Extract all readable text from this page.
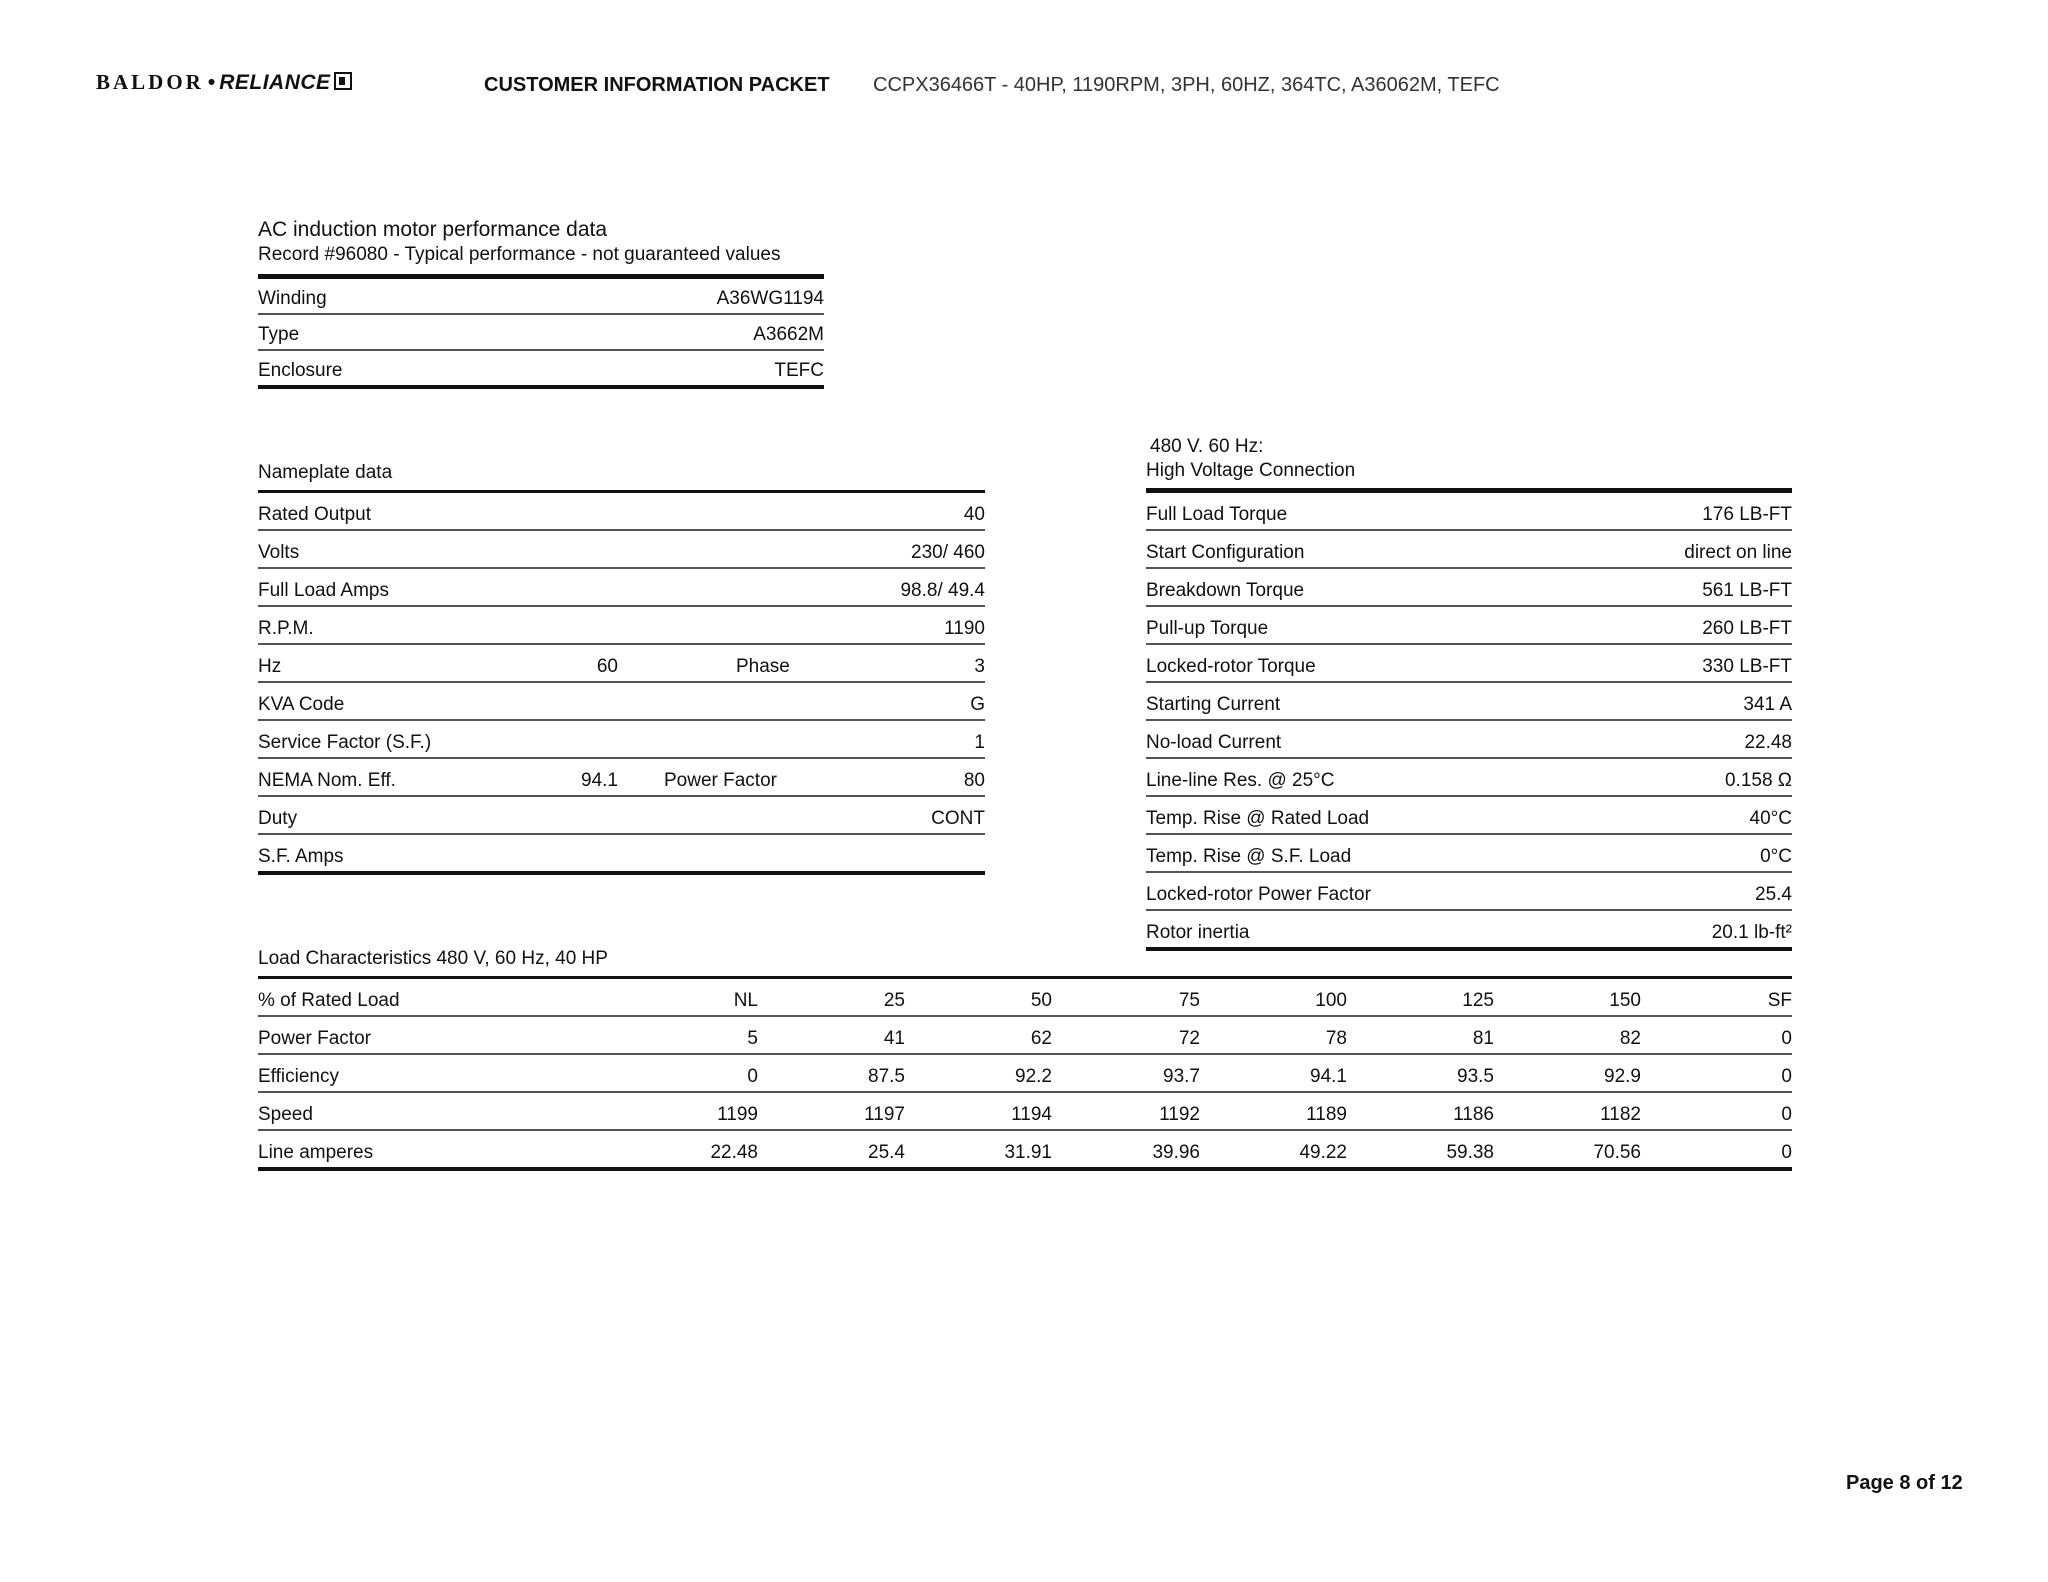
BALDOR • RELIANCE	CUSTOMER INFORMATION PACKET CCPX36466T - 40HP, 1190RPM, 3PH, 60HZ, 364TC, A36062M, TEFC
AC induction motor performance data
Record #96080 - Typical performance - not guaranteed values
Winding	A36WG1194
Type	A3662M
Enclosure	TEFC
Nameplate data
Rated Output			40
Volts			230/ 460
Full Load Amps			98.8/ 49.4
R.P.M.			1190
Hz	60	Phase	3
KVA Code			G
Service Factor (S.F.)			1
NEMA Nom. Eff.	94.1	Power Factor	80
Duty			CONT
S.F. Amps			
480 V. 60 Hz:
High Voltage Connection
Full Load Torque	176 LB-FT
Start Configuration	direct on line
Breakdown Torque	561 LB-FT
Pull-up Torque	260 LB-FT
Locked-rotor Torque	330 LB-FT
Starting Current	341 A
No-load Current	22.48
Line-line Res. @ 25°C	0.158 Ω
Temp. Rise @ Rated Load	40°C
Temp. Rise @ S.F. Load	0°C
Locked-rotor Power Factor	25.4
Rotor inertia	20.1 lb-ft²
Load Characteristics 480 V, 60 Hz, 40 HP
% of Rated Load	NL	25	50	75	100	125	150	SF
Power Factor	5	41	62	72	78	81	82	0
Efficiency	0	87.5	92.2	93.7	94.1	93.5	92.9	0
Speed	1199	1197	1194	1192	1189	1186	1182	0
Line amperes	22.48	25.4	31.91	39.96	49.22	59.38	70.56	0
Page 8 of 12
